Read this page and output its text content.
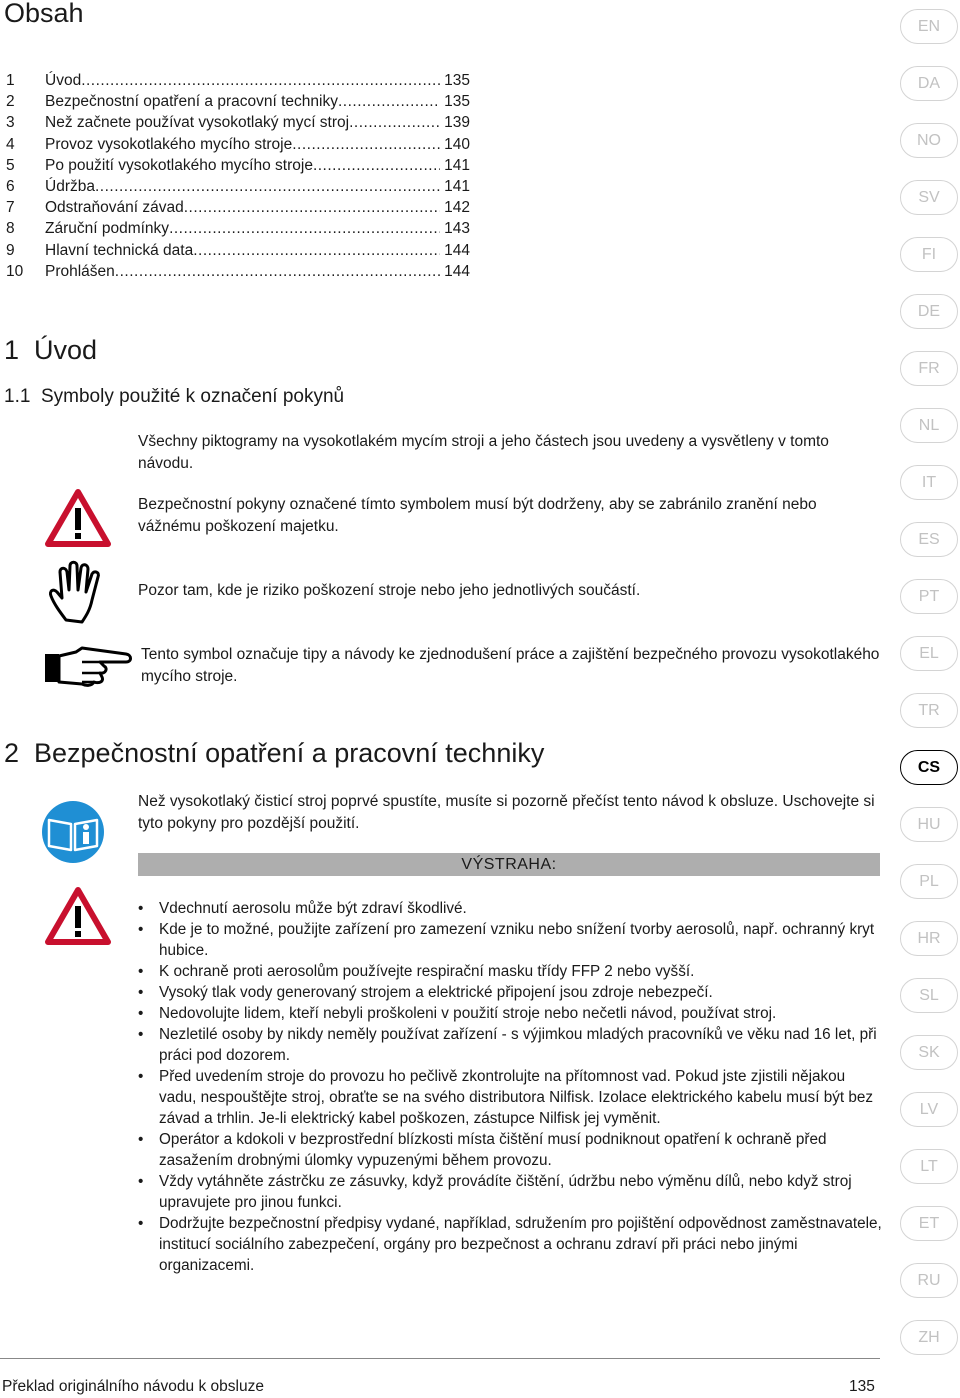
Obsah
1	Úvod .....	135
2	Bezpečnostní opatření a pracovní techniky .....	135
3	Než začnete používat vysokotlaký mycí stroj .....	139
4	Provoz vysokotlakého mycího stroje .....	140
5	Po použití vysokotlakého mycího stroje .....	141
6	Údržba .....	141
7	Odstraňování závad .....	142
8	Záruční podmínky .....	143
9	Hlavní technická data .....	144
10	Prohlášen .....	144
1  Úvod
1.1  Symboly použité k označení pokynů

Všechny piktogramy na vysokotlakém mycím stroji a jeho částech jsou uvedeny a vysvětleny v tomto návodu.

Bezpečnostní pokyny označené tímto symbolem musí být dodrženy, aby se zabránilo zranění nebo vážnému poškození majetku.

Pozor tam, kde je riziko poškození stroje nebo jeho jednotlivých součástí.

Tento symbol označuje tipy a návody ke zjednodušení práce a zajištění bezpečného provozu vysokotlakého mycího stroje.

2  Bezpečnostní opatření a pracovní techniky

Než vysokotlaký čisticí stroj poprvé spustíte, musíte si pozorně přečíst tento návod k obsluze. Uschovejte si tyto pokyny pro pozdější použití.

VÝSTRAHA:
• Vdechnutí aerosolu může být zdraví škodlivé.
• Kde je to možné, použijte zařízení pro zamezení vzniku nebo snížení tvorby aerosolů, např. ochranný kryt hubice.
• K ochraně proti aerosolům používejte respirační masku třídy FFP 2 nebo vyšší.
• Vysoký tlak vody generovaný strojem a elektrické připojení jsou zdroje nebezpečí.
• Nedovolujte lidem, kteří nebyli proškoleni v použití stroje nebo nečetli návod, používat stroj.
• Nezletilé osoby by nikdy neměly používat zařízení - s výjimkou mladých pracovníků ve věku nad 16 let, při práci pod dozorem.
• Před uvedením stroje do provozu ho pečlivě zkontrolujte na přítomnost vad. Pokud jste zjistili nějakou vadu, nespouštějte stroj, obraťte se na svého distributora Nilfisk. Izolace elektrického kabelu musí být bez závad a trhlin. Je-li elektrický kabel poškozen, zástupce Nilfisk jej vyměnit.
• Operátor a kdokoli v bezprostřední blízkosti místa čištění musí podniknout opatření k ochraně před zasažením drobnými úlomky vypuzenými během provozu.
• Vždy vytáhněte zástrčku ze zásuvky, když provádíte čištění, údržbu nebo výměnu dílů, nebo když stroj upravujete pro jinou funkci.
• Dodržujte bezpečnostní předpisy vydané, například, sdružením pro pojištění odpovědnost zaměstnavatele, institucí sociálního zabezpečení, orgány pro bezpečnost a ochranu zdraví při práci nebo jinými organizacemi.
EN
DA
NO
SV
FI
DE
FR
NL
IT
ES
PT
EL
TR
CS
HU
PL
HR
SL
SK
LV
LT
ET
RU
ZH
Překlad originálního návodu k obsluze	135
